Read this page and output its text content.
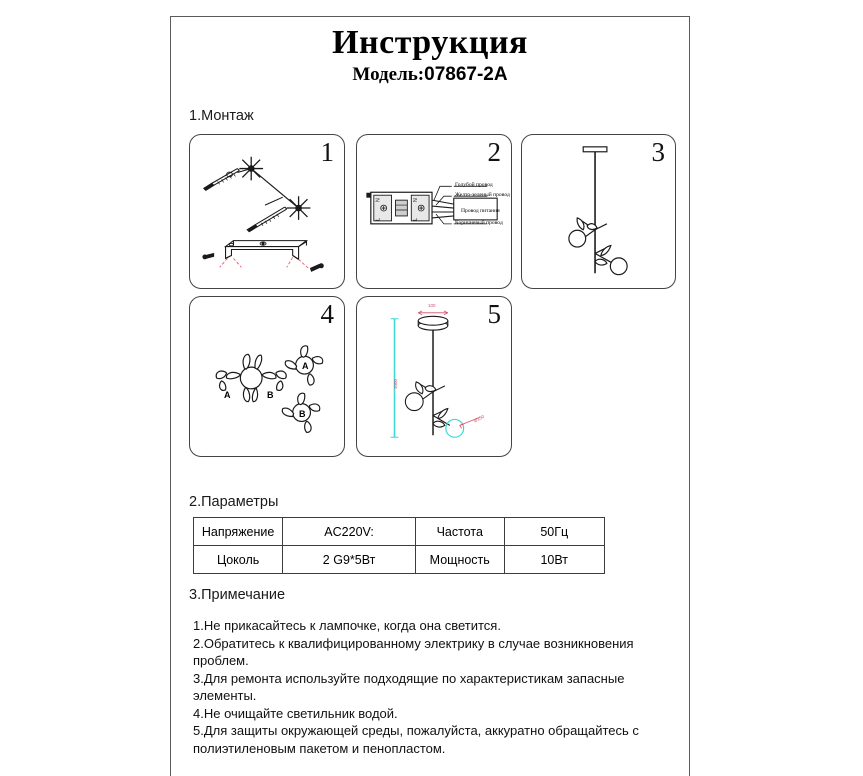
Инструкция
Модель:07867-2A
1.Монтаж
1	2
N
L
N
L
Голубой провод
Желто-зеленый провод
Провод питания
Коричневый провод
3
4
A	B
A
B
5
100
1000
Ø150
2.Параметры
Напряжение	AC220V:	Частота	50Гц
Цоколь	2 G9*5Вт	Мощность	10Вт
3.Примечание
1.Не прикасайтесь к лампочке, когда она светится.
2.Обратитесь к квалифицированному электрику в случае возникновения проблем.
3.Для ремонта используйте подходящие по характеристикам запасные элементы.
4.Не очищайте светильник водой.
5.Для защиты окружающей среды, пожалуйста, аккуратно обращайтесь с полиэтиленовым пакетом и пенопластом.
